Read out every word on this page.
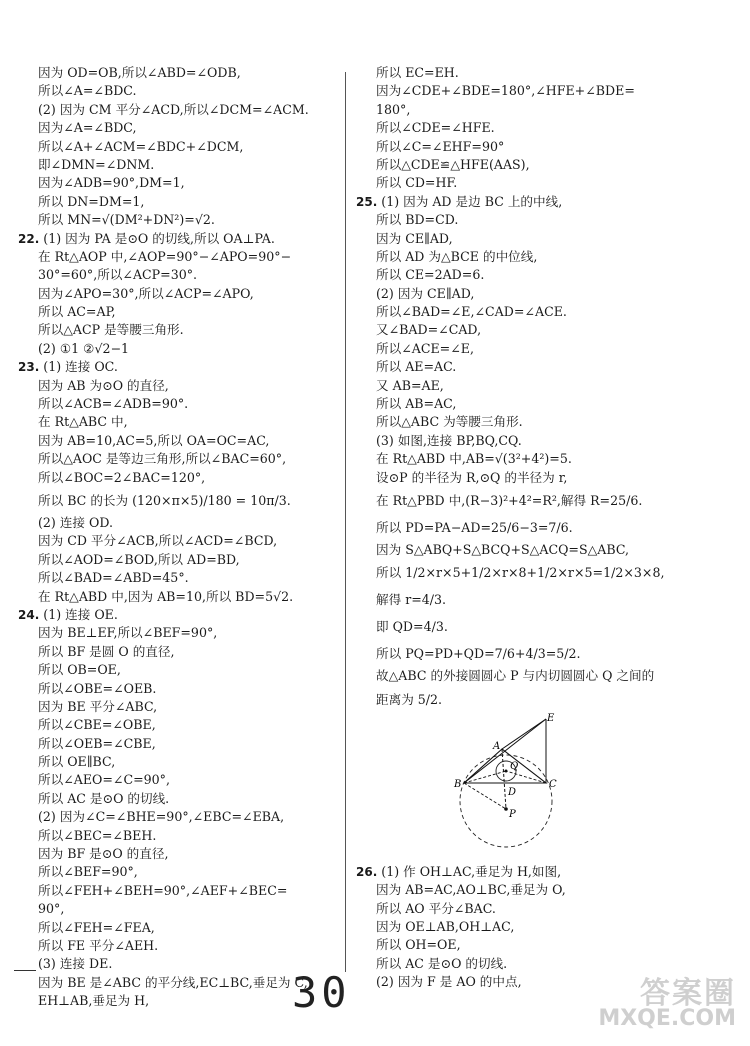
因为 OD=OB,所以∠ABD=∠ODB,
所以∠A=∠BDC.
(2) 因为 CM 平分∠ACD,所以∠DCM=∠ACM.
因为∠A=∠BDC,
所以∠A+∠ACM=∠BDC+∠DCM,
即∠DMN=∠DNM.
因为∠ADB=90°,DM=1,
所以 DN=DM=1,
所以 MN=√(DM²+DN²)=√2.
22. (1) 因为 PA 是⊙O 的切线,所以 OA⊥PA.
在 Rt△AOP 中,∠AOP=90°−∠APO=90°−
30°=60°,所以∠ACP=30°.
因为∠APO=30°,所以∠ACP=∠APO,
所以 AC=AP,
所以△ACP 是等腰三角形.
(2) ①1 ②√2−1
23. (1) 连接 OC.
因为 AB 为⊙O 的直径,
所以∠ACB=∠ADB=90°.
在 Rt△ABC 中,
因为 AB=10,AC=5,所以 OA=OC=AC,
所以△AOC 是等边三角形,所以∠BAC=60°,
所以∠BOC=2∠BAC=120°,
所以 BC 的长为 (120×π×5)/180 = 10π/3.
(2) 连接 OD.
因为 CD 平分∠ACB,所以∠ACD=∠BCD,
所以∠AOD=∠BOD,所以 AD=BD,
所以∠BAD=∠ABD=45°.
在 Rt△ABD 中,因为 AB=10,所以 BD=5√2.
24. (1) 连接 OE.
因为 BE⊥EF,所以∠BEF=90°,
所以 BF 是圆 O 的直径,
所以 OB=OE,
所以∠OBE=∠OEB.
因为 BE 平分∠ABC,
所以∠CBE=∠OBE,
所以∠OEB=∠CBE,
所以 OE∥BC,
所以∠AEO=∠C=90°,
所以 AC 是⊙O 的切线.
(2) 因为∠C=∠BHE=90°,∠EBC=∠EBA,
所以∠BEC=∠BEH.
因为 BF 是⊙O 的直径,
所以∠BEF=90°,
所以∠FEH+∠BEH=90°,∠AEF+∠BEC=
90°,
所以∠FEH=∠FEA,
所以 FE 平分∠AEH.
(3) 连接 DE.
因为 BE 是∠ABC 的平分线,EC⊥BC,垂足为 C,
EH⊥AB,垂足为 H,
所以 EC=EH.
因为∠CDE+∠BDE=180°,∠HFE+∠BDE=
180°,
所以∠CDE=∠HFE.
所以∠C=∠EHF=90°
所以△CDE≌△HFE(AAS),
所以 CD=HF.
25. (1) 因为 AD 是边 BC 上的中线,
所以 BD=CD.
因为 CE∥AD,
所以 AD 为△BCE 的中位线,
所以 CE=2AD=6.
(2) 因为 CE∥AD,
所以∠BAD=∠E,∠CAD=∠ACE.
又∠BAD=∠CAD,
所以∠ACE=∠E,
所以 AE=AC.
又 AB=AE,
所以 AB=AC,
所以△ABC 为等腰三角形.
(3) 如图,连接 BP,BQ,CQ.
在 Rt△ABD 中,AB=√(3²+4²)=5.
设⊙P 的半径为 R,⊙Q 的半径为 r,
在 Rt△PBD 中,(R−3)²+4²=R²,解得 R=25/6.
所以 PD=PA−AD=25/6−3=7/6.
因为 S△ABQ+S△BCQ+S△ACQ=S△ABC,
所以 1/2×r×5+1/2×r×8+1/2×r×5=1/2×3×8,
解得 r=4/3.
即 QD=4/3.
所以 PQ=PD+QD=7/6+4/3=5/2.
故△ABC 的外接圆圆心 P 与内切圆圆心 Q 之间的
距离为 5/2.
E
A
B	C
D
Q
P
26. (1) 作 OH⊥AC,垂足为 H,如图,
因为 AB=AC,AO⊥BC,垂足为 O,
所以 AO 平分∠BAC.
因为 OE⊥AB,OH⊥AC,
所以 OH=OE,
所以 AC 是⊙O 的切线.
(2) 因为 F 是 AO 的中点,
30	答案圈
MXQE.COM
